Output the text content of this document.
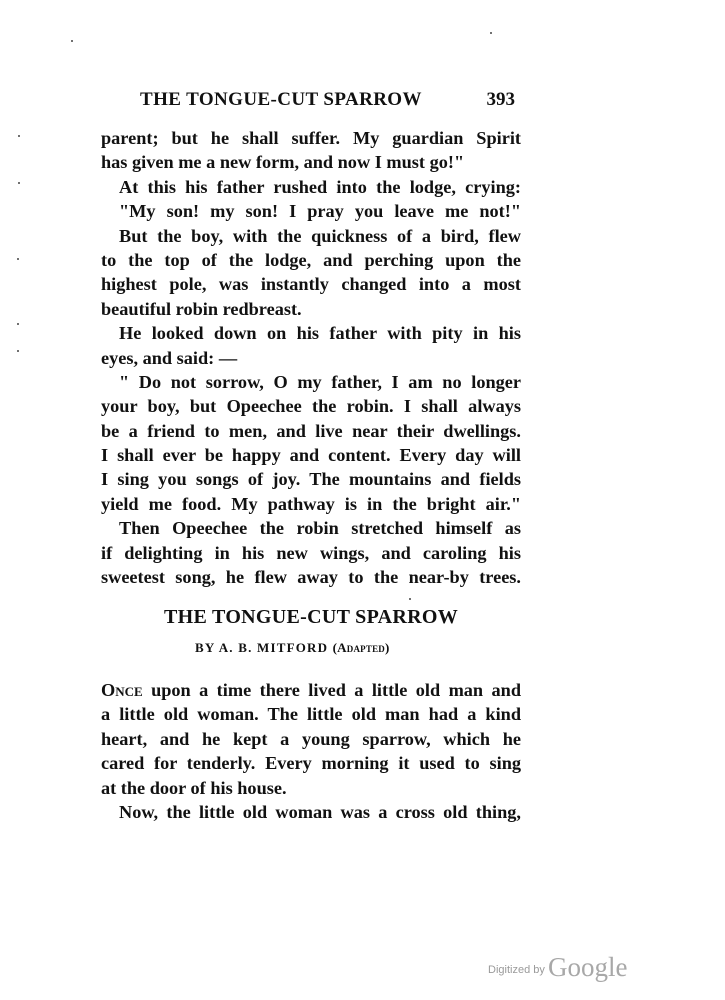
THE TONGUE-CUT SPARROW	393
parent; but he shall suffer. My guardian Spirit
has given me a new form, and now I must go!"
At this his father rushed into the lodge, crying:
"My son! my son! I pray you leave me not!"
But the boy, with the quickness of a bird, flew
to the top of the lodge, and perching upon the
highest pole, was instantly changed into a most
beautiful robin redbreast.
He looked down on his father with pity in his
eyes, and said: —
" Do not sorrow, O my father, I am no longer
your boy, but Opeechee the robin. I shall always
be a friend to men, and live near their dwellings.
I shall ever be happy and content. Every day will
I sing you songs of joy. The mountains and fields
yield me food. My pathway is in the bright air."
Then Opeechee the robin stretched himself as
if delighting in his new wings, and caroling his
sweetest song, he flew away to the near-by trees.
THE TONGUE-CUT SPARROW
BY A. B. MITFORD (Adapted)
Once upon a time there lived a little old man and
a little old woman. The little old man had a kind
heart, and he kept a young sparrow, which he
cared for tenderly. Every morning it used to sing
at the door of his house.
Now, the little old woman was a cross old thing,
Digitized by Google
